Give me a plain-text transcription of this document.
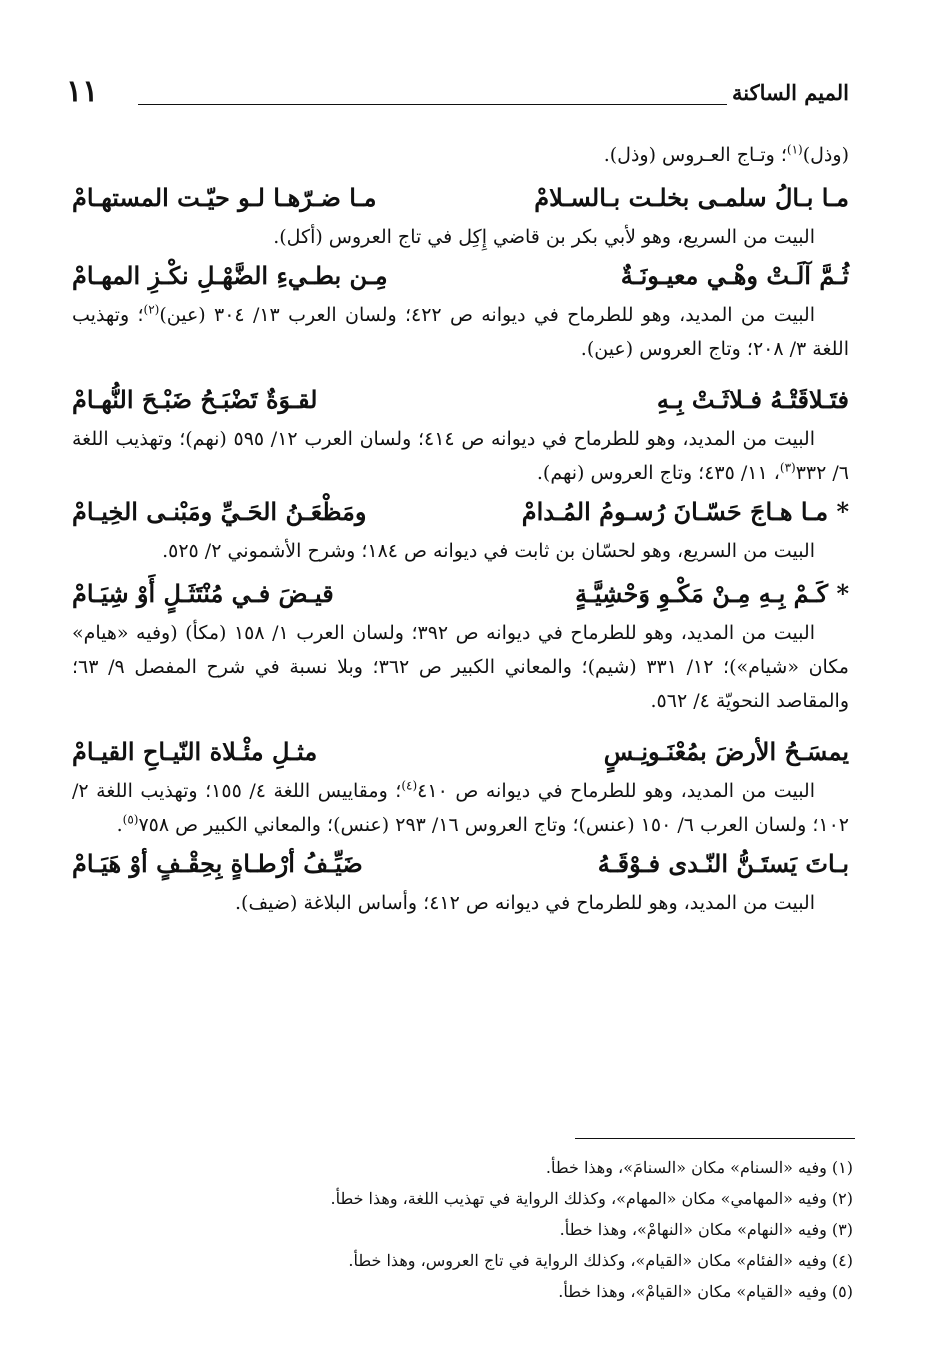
الميم الساكنة
١١

(وذل)$^{(١)}$؛ وتـاج العـروس (وذل).

مـا بـالُ سلمـى بخلـت بـالسـلامْ
مـا ضـرّهـا لـو حيّـت المستهـامْ

البيت من السريع، وهو لأبي بكر بن قاضي إِكِل في تاج العروس (أكل).

ثُـمَّ آلَـتْ وهْـي معيـونَـةٌ
مِـن بطـيءِ الضَّهْـلِ نكْـزِ المهـامْ

البيت من المديد، وهو للطرماح في ديوانه ص ٤٢٢؛ ولسان العرب ١٣/ ٣٠٤ (عين)$^{(٢)}$؛ وتهذيب اللغة ٣/ ٢٠٨؛ وتاج العروس (عين).

فتَـلاقَتْـهُ فـلاثَـتْ بِـهِ
لقـوَةٌ تَضْبَـحُ ضَبْـحَ النُّهـامْ

البيت من المديد، وهو للطرماح في ديوانه ص ٤١٤؛ ولسان العرب ١٢/ ٥٩٥ (نهم)؛ وتهذيب اللغة ٦/ ٣٣٢$^{(٣)}$، ١١/ ٤٣٥؛ وتاج العروس (نهم).

* مـا هـاجَ حَسّـانَ رُسـومُ المُـدامْ
ومَظْعَـنُ الحَـيِّ ومَبْنـى الخِيـامْ

البيت من السريع، وهو لحسّان بن ثابت في ديوانه ص ١٨٤؛ وشرح الأشموني ٢/ ٥٢٥.

* كَـمْ بِـهِ مِـنْ مَكْـوِ وَحْشِيَّـةٍ
قيـضَ فـي مُنْتَثَـلٍ أَوْ شِيَـامْ

البيت من المديد، وهو للطرماح في ديوانه ص ٣٩٢؛ ولسان العرب ١/ ١٥٨ (مكأ) (وفيه «هيام» مكان «شيام»)؛ ١٢/ ٣٣١ (شيم)؛ والمعاني الكبير ص ٣٦٢؛ وبلا نسبة في شرح المفصل ٩/ ٦٣؛ والمقاصد النحويّة ٤/ ٥٦٢.

يمسَـحُ الأرضَ بمُعْنَـونِـسٍ
مثـلِ مئْـلاة النّيـاحِ القيـامْ

البيت من المديد، وهو للطرماح في ديوانه ص ٤١٠$^{(٤)}$؛ ومقاييس اللغة ٤/ ١٥٥؛ وتهذيب اللغة ٢/ ١٠٢؛ ولسان العرب ٦/ ١٥٠ (عنس)؛ وتاج العروس ١٦/ ٢٩٣ (عنس)؛ والمعاني الكبير ص ٧٥٨$^{(٥)}$.

بـاتَ يَستَـنُّ النّـدى فـوْقَـهُ
ضَيِّـفُ أرْطـاةٍ بِحِقْـفٍ أوْ هَيَـامْ

البيت من المديد، وهو للطرماح في ديوانه ص ٤١٢؛ وأساس البلاغة (ضيف).

(١) وفيه «السنام» مكان «السنامَ»، وهذا خطأ.

(٢) وفيه «المهامي» مكان «المهام»، وكذلك الرواية في تهذيب اللغة، وهذا خطأ.

(٣) وفيه «النهام» مكان «النهامْ»، وهذا خطأ.

(٤) وفيه «الفئام» مكان «القيام»، وكذلك الرواية في تاج العروس، وهذا خطأ.

(٥) وفيه «القيام» مكان «القيامْ»، وهذا خطأ.
